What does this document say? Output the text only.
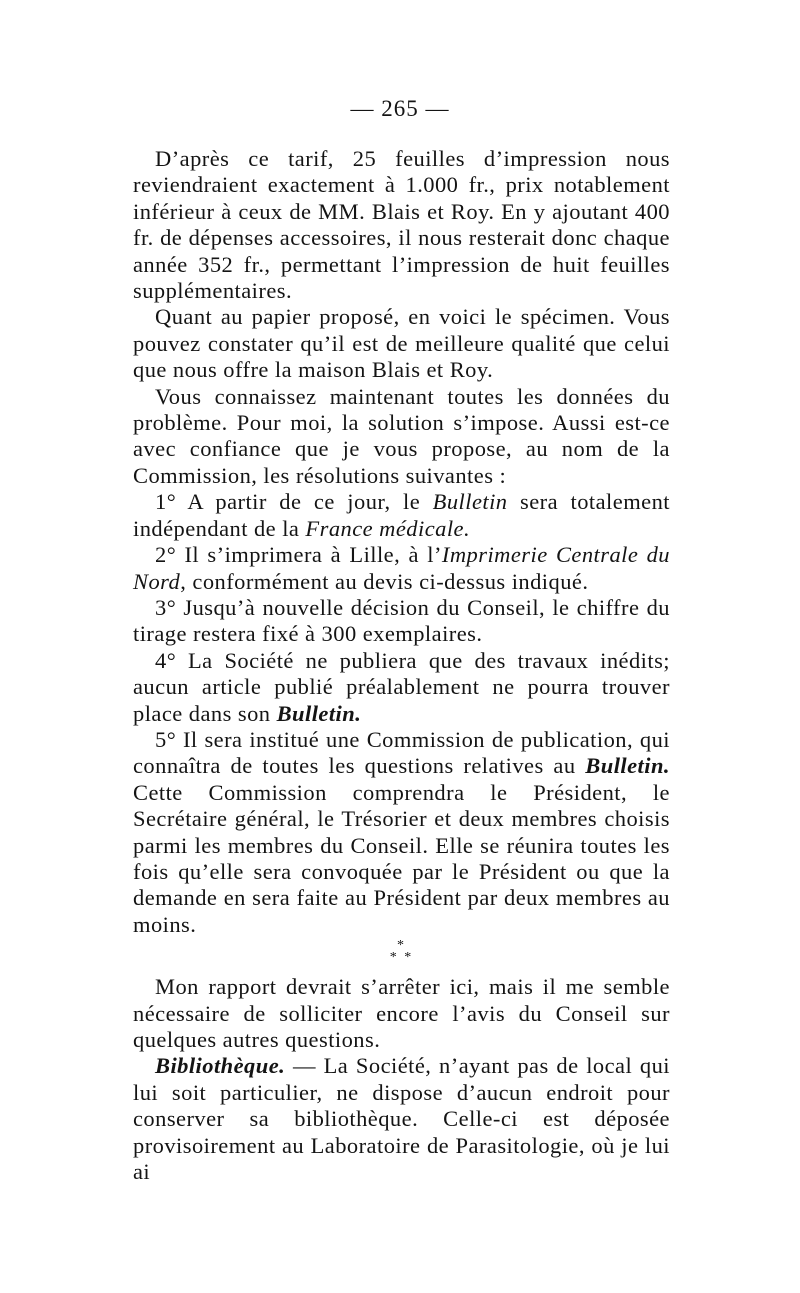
— 265 —

D’après ce tarif, 25 feuilles d’impression nous reviendraient exactement à 1.000 fr., prix notablement inférieur à ceux de MM. Blais et Roy. En y ajoutant 400 fr. de dépenses accessoires, il nous resterait donc chaque année 352 fr., permettant l’impression de huit feuilles supplémentaires.

Quant au papier proposé, en voici le spécimen. Vous pouvez constater qu’il est de meilleure qualité que celui que nous offre la maison Blais et Roy.

Vous connaissez maintenant toutes les données du problème. Pour moi, la solution s’impose. Aussi est-ce avec confiance que je vous propose, au nom de la Commission, les résolutions suivantes :

1° A partir de ce jour, le Bulletin sera totalement indépendant de la France médicale.

2° Il s’imprimera à Lille, à l’Imprimerie Centrale du Nord, conformément au devis ci-dessus indiqué.

3° Jusqu’à nouvelle décision du Conseil, le chiffre du tirage restera fixé à 300 exemplaires.

4° La Société ne publiera que des travaux inédits; aucun article publié préalablement ne pourra trouver place dans son Bulletin.

5° Il sera institué une Commission de publication, qui connaîtra de toutes les questions relatives au Bulletin. Cette Commission comprendra le Président, le Secrétaire général, le Trésorier et deux membres choisis parmi les membres du Conseil. Elle se réunira toutes les fois qu’elle sera convoquée par le Président ou que la demande en sera faite au Président par deux membres au moins.

*
* *

Mon rapport devrait s’arrêter ici, mais il me semble nécessaire de solliciter encore l’avis du Conseil sur quelques autres questions.

Bibliothèque. — La Société, n’ayant pas de local qui lui soit particulier, ne dispose d’aucun endroit pour conserver sa bibliothèque. Celle-ci est déposée provisoirement au Laboratoire de Parasitologie, où je lui ai
